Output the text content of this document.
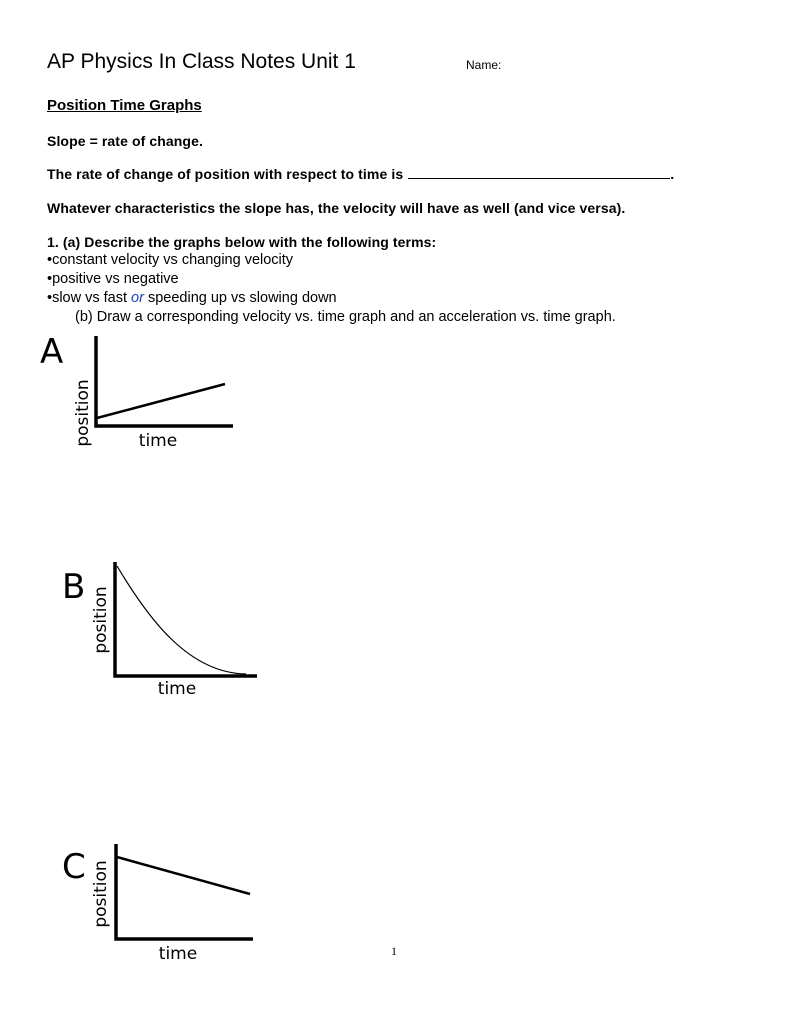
AP Physics In Class Notes Unit 1	Name:
Position Time Graphs
Slope = rate of change.
The rate of change of position with respect to time is	.
Whatever characteristics the slope has, the velocity will have as well (and vice versa).
1. (a) Describe the graphs below with the following terms:
•constant velocity vs changing velocity
•positive vs negative
•slow vs fast or speeding up vs slowing down
(b) Draw a corresponding velocity vs. time graph and an acceleration vs. time graph.
A
position	time
B position
time
C position
time	1
